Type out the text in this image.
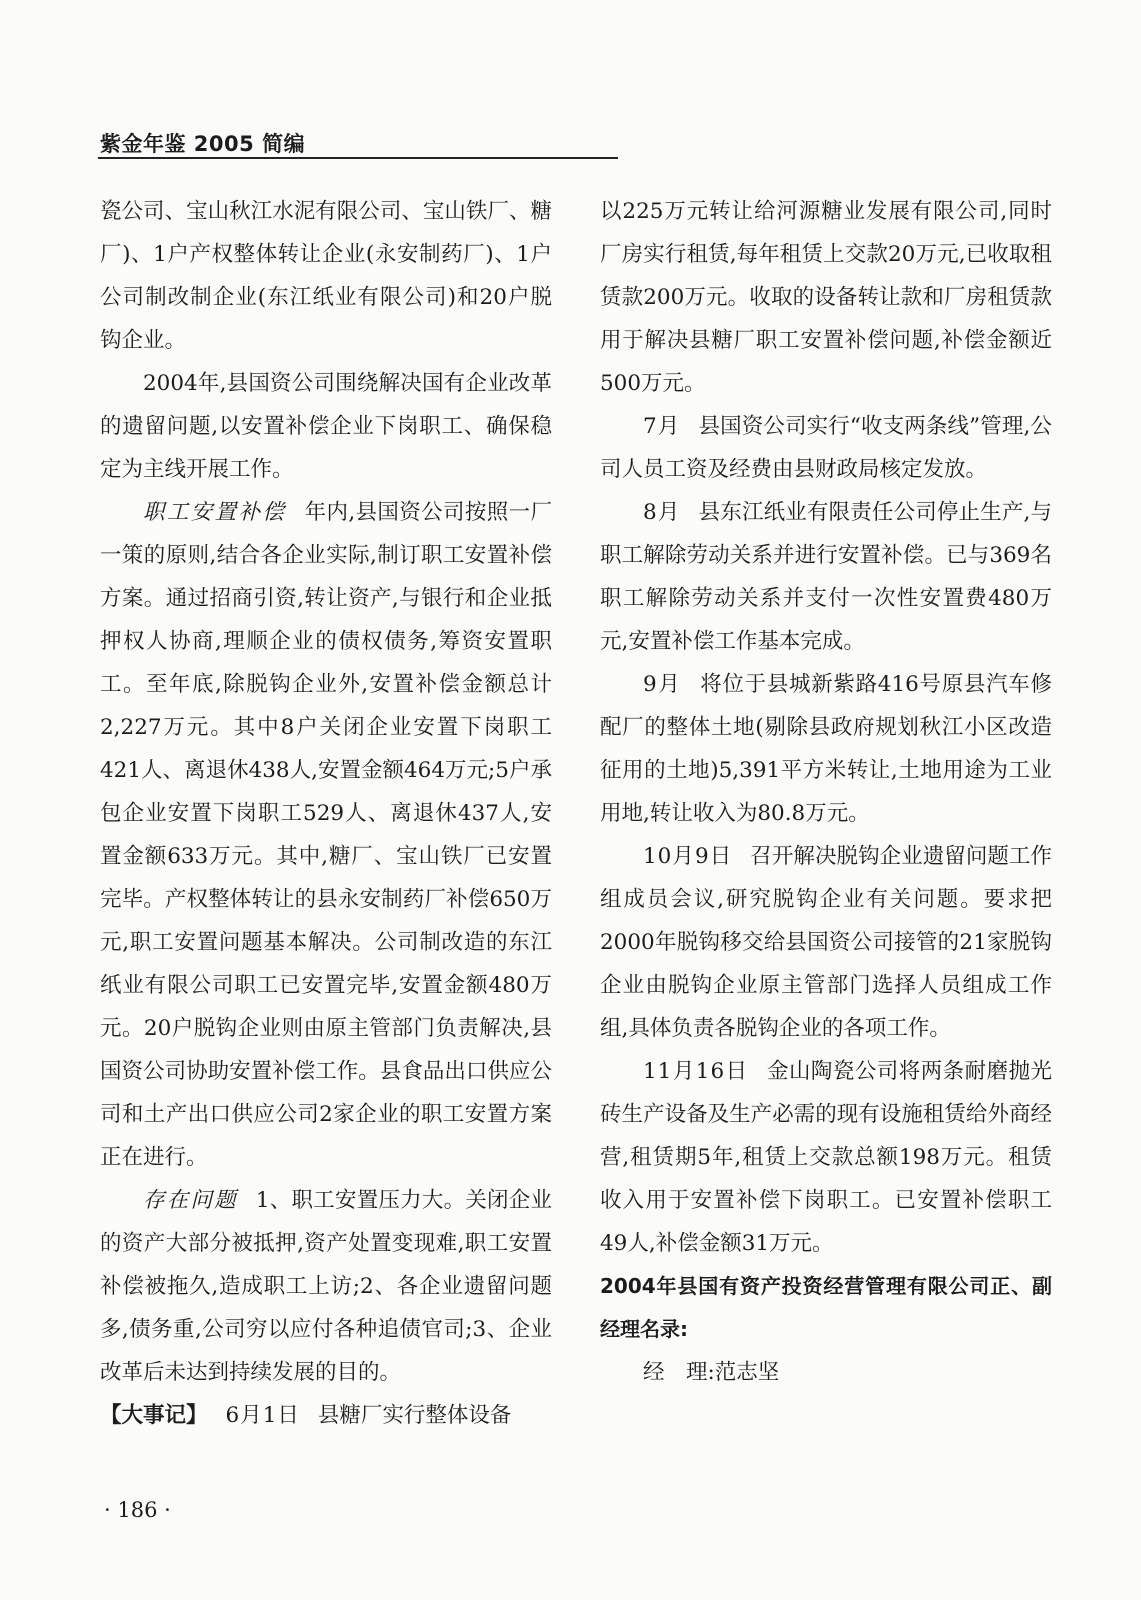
紫金年鉴 2005 简编

瓷公司、宝山秋江水泥有限公司、宝山铁厂、糖厂)、1户产权整体转让企业(永安制药厂)、1户公司制改制企业(东江纸业有限公司)和20户脱钩企业。

2004年,县国资公司围绕解决国有企业改革的遗留问题,以安置补偿企业下岗职工、确保稳定为主线开展工作。

职工安置补偿 年内,县国资公司按照一厂一策的原则,结合各企业实际,制订职工安置补偿方案。通过招商引资,转让资产,与银行和企业抵押权人协商,理顺企业的债权债务,筹资安置职工。至年底,除脱钩企业外,安置补偿金额总计2,227万元。其中8户关闭企业安置下岗职工421人、离退休438人,安置金额464万元;5户承包企业安置下岗职工529人、离退休437人,安置金额633万元。其中,糖厂、宝山铁厂已安置完毕。产权整体转让的县永安制药厂补偿650万元,职工安置问题基本解决。公司制改造的东江纸业有限公司职工已安置完毕,安置金额480万元。20户脱钩企业则由原主管部门负责解决,县国资公司协助安置补偿工作。县食品出口供应公司和土产出口供应公司2家企业的职工安置方案正在进行。

存在问题 1、职工安置压力大。关闭企业的资产大部分被抵押,资产处置变现难,职工安置补偿被拖久,造成职工上访;2、各企业遗留问题多,债务重,公司穷以应付各种追债官司;3、企业改革后未达到持续发展的目的。

【大事记】 6月1日 县糖厂实行整体设备

以225万元转让给河源糖业发展有限公司,同时厂房实行租赁,每年租赁上交款20万元,已收取租赁款200万元。收取的设备转让款和厂房租赁款用于解决县糖厂职工安置补偿问题,补偿金额近500万元。

7月 县国资公司实行“收支两条线”管理,公司人员工资及经费由县财政局核定发放。

8月 县东江纸业有限责任公司停止生产,与职工解除劳动关系并进行安置补偿。已与369名职工解除劳动关系并支付一次性安置费480万元,安置补偿工作基本完成。

9月 将位于县城新紫路416号原县汽车修配厂的整体土地(剔除县政府规划秋江小区改造征用的土地)5,391平方米转让,土地用途为工业用地,转让收入为80.8万元。

10月9日 召开解决脱钩企业遗留问题工作组成员会议,研究脱钩企业有关问题。要求把2000年脱钩移交给县国资公司接管的21家脱钩企业由脱钩企业原主管部门选择人员组成工作组,具体负责各脱钩企业的各项工作。

11月16日 金山陶瓷公司将两条耐磨抛光砖生产设备及生产必需的现有设施租赁给外商经营,租赁期5年,租赁上交款总额198万元。租赁收入用于安置补偿下岗职工。已安置补偿职工49人,补偿金额31万元。

2004年县国有资产投资经营管理有限公司正、副经理名录:

经　理:范志坚

· 186 ·
